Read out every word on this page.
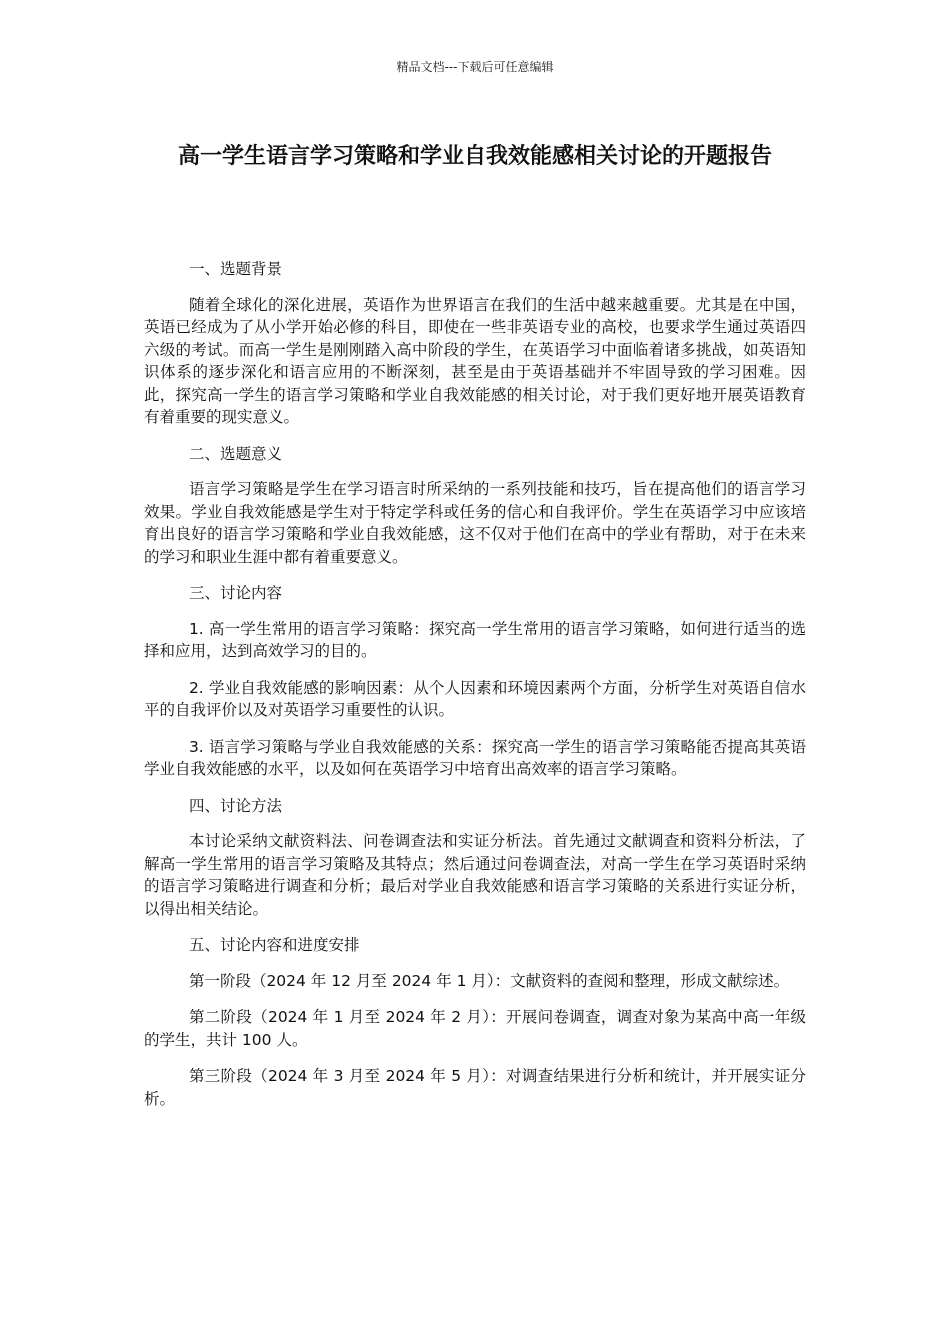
精品文档---下载后可任意编辑
高一学生语言学习策略和学业自我效能感相关讨论的开题报告

一、选题背景

随着全球化的深化进展，英语作为世界语言在我们的生活中越来越重要。尤其是在中国，英语已经成为了从小学开始必修的科目，即使在一些非英语专业的高校，也要求学生通过英语四六级的考试。而高一学生是刚刚踏入高中阶段的学生，在英语学习中面临着诸多挑战，如英语知识体系的逐步深化和语言应用的不断深刻，甚至是由于英语基础并不牢固导致的学习困难。因此，探究高一学生的语言学习策略和学业自我效能感的相关讨论，对于我们更好地开展英语教育有着重要的现实意义。

二、选题意义

语言学习策略是学生在学习语言时所采纳的一系列技能和技巧，旨在提高他们的语言学习效果。学业自我效能感是学生对于特定学科或任务的信心和自我评价。学生在英语学习中应该培育出良好的语言学习策略和学业自我效能感，这不仅对于他们在高中的学业有帮助，对于在未来的学习和职业生涯中都有着重要意义。

三、讨论内容

1. 高一学生常用的语言学习策略：探究高一学生常用的语言学习策略，如何进行适当的选择和应用，达到高效学习的目的。

2. 学业自我效能感的影响因素：从个人因素和环境因素两个方面，分析学生对英语自信水平的自我评价以及对英语学习重要性的认识。

3. 语言学习策略与学业自我效能感的关系：探究高一学生的语言学习策略能否提高其英语学业自我效能感的水平，以及如何在英语学习中培育出高效率的语言学习策略。

四、讨论方法

本讨论采纳文献资料法、问卷调查法和实证分析法。首先通过文献调查和资料分析法，了解高一学生常用的语言学习策略及其特点；然后通过问卷调查法，对高一学生在学习英语时采纳的语言学习策略进行调查和分析；最后对学业自我效能感和语言学习策略的关系进行实证分析，以得出相关结论。

五、讨论内容和进度安排

第一阶段（2024 年 12 月至 2024 年 1 月）：文献资料的查阅和整理，形成文献综述。

第二阶段（2024 年 1 月至 2024 年 2 月）：开展问卷调查，调查对象为某高中高一年级的学生，共计 100 人。

第三阶段（2024 年 3 月至 2024 年 5 月）：对调查结果进行分析和统计，并开展实证分析。
